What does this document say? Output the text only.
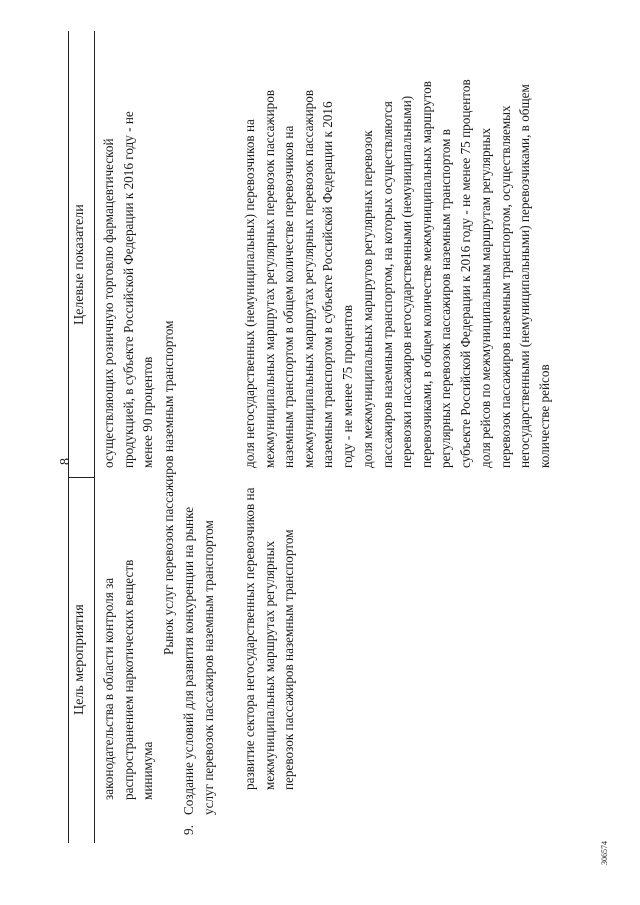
8
Цель мероприятия
Целевые показатели

законодательства в области контроля за распространением наркотических веществ минимума

осуществляющих розничную торговлю фармацевтической продукцией, в субъекте Российской Федерации к 2016 году - не менее 90 процентов Рынок услуг перевозок пассажиров наземным транспортом

9.

Создание условий для развития конкуренции на рынке услуг перевозок пассажиров наземным транспортом развитие сектора негосударственных перевозчиков на межмуниципальных маршрутах регулярных перевозок пассажиров наземным транспортом

доля негосударственных (немуниципальных) перевозчиков на межмуниципальных маршрутах регулярных перевозок пассажиров наземным транспортом в общем количестве перевозчиков на межмуниципальных маршрутах регулярных перевозок пассажиров наземным транспортом в субъекте Российской Федерации к 2016 году - не менее 75 процентов доля межмуниципальных маршрутов регулярных перевозок пассажиров наземным транспортом, на которых осуществляются перевозки пассажиров негосударственными (немуниципальными) перевозчиками, в общем количестве межмуниципальных маршрутов регулярных перевозок пассажиров наземным транспортом в субъекте Российской Федерации к 2016 году - не менее 75 процентов доля рейсов по межмуниципальным маршрутам регулярных перевозок пассажиров наземным транспортом, осуществляемых негосударственными (немуниципальными) перевозчиками, в общем количестве рейсов

306574
